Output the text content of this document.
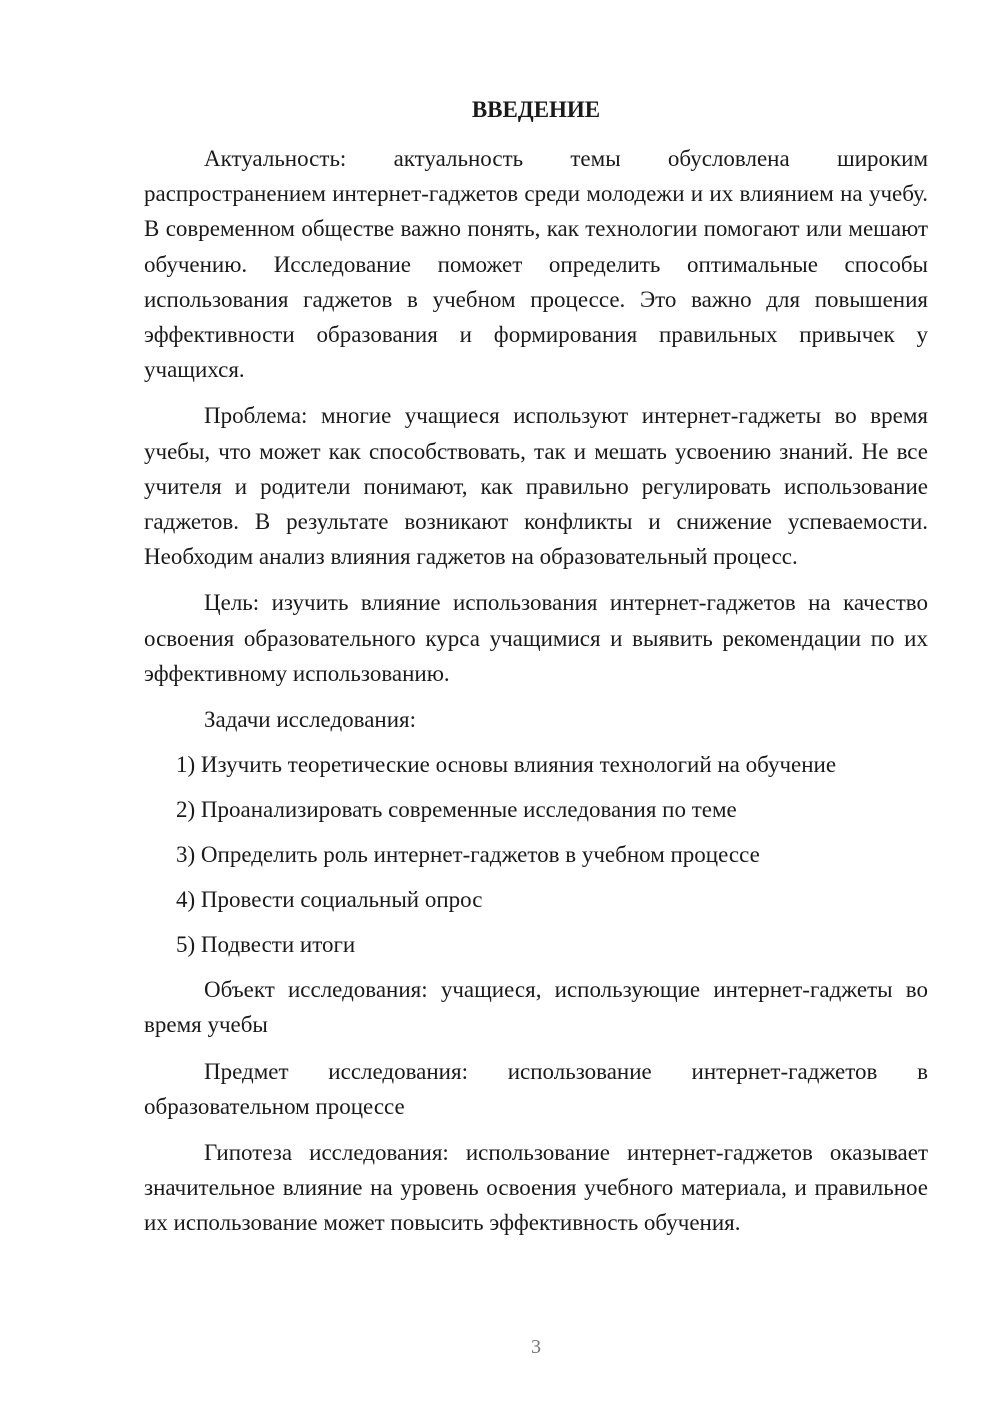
ВВЕДЕНИЕ

Актуальность: актуальность темы обусловлена широким распространением интернет-гаджетов среди молодежи и их влиянием на учебу. В современном обществе важно понять, как технологии помогают или мешают обучению. Исследование поможет определить оптимальные способы использования гаджетов в учебном процессе. Это важно для повышения эффективности образования и формирования правильных привычек у учащихся.

Проблема: многие учащиеся используют интернет-гаджеты во время учебы, что может как способствовать, так и мешать усвоению знаний. Не все учителя и родители понимают, как правильно регулировать использование гаджетов. В результате возникают конфликты и снижение успеваемости. Необходим анализ влияния гаджетов на образовательный процесс.

Цель: изучить влияние использования интернет-гаджетов на качество освоения образовательного курса учащимися и выявить рекомендации по их эффективному использованию.

Задачи исследования:

1) Изучить теоретические основы влияния технологий на обучение
2) Проанализировать современные исследования по теме
3) Определить роль интернет-гаджетов в учебном процессе
4) Провести социальный опрос
5) Подвести итоги

Объект исследования: учащиеся, использующие интернет-гаджеты во время учебы

Предмет исследования: использование интернет-гаджетов в образовательном процессе

Гипотеза исследования: использование интернет-гаджетов оказывает значительное влияние на уровень освоения учебного материала, и правильное их использование может повысить эффективность обучения.

3
